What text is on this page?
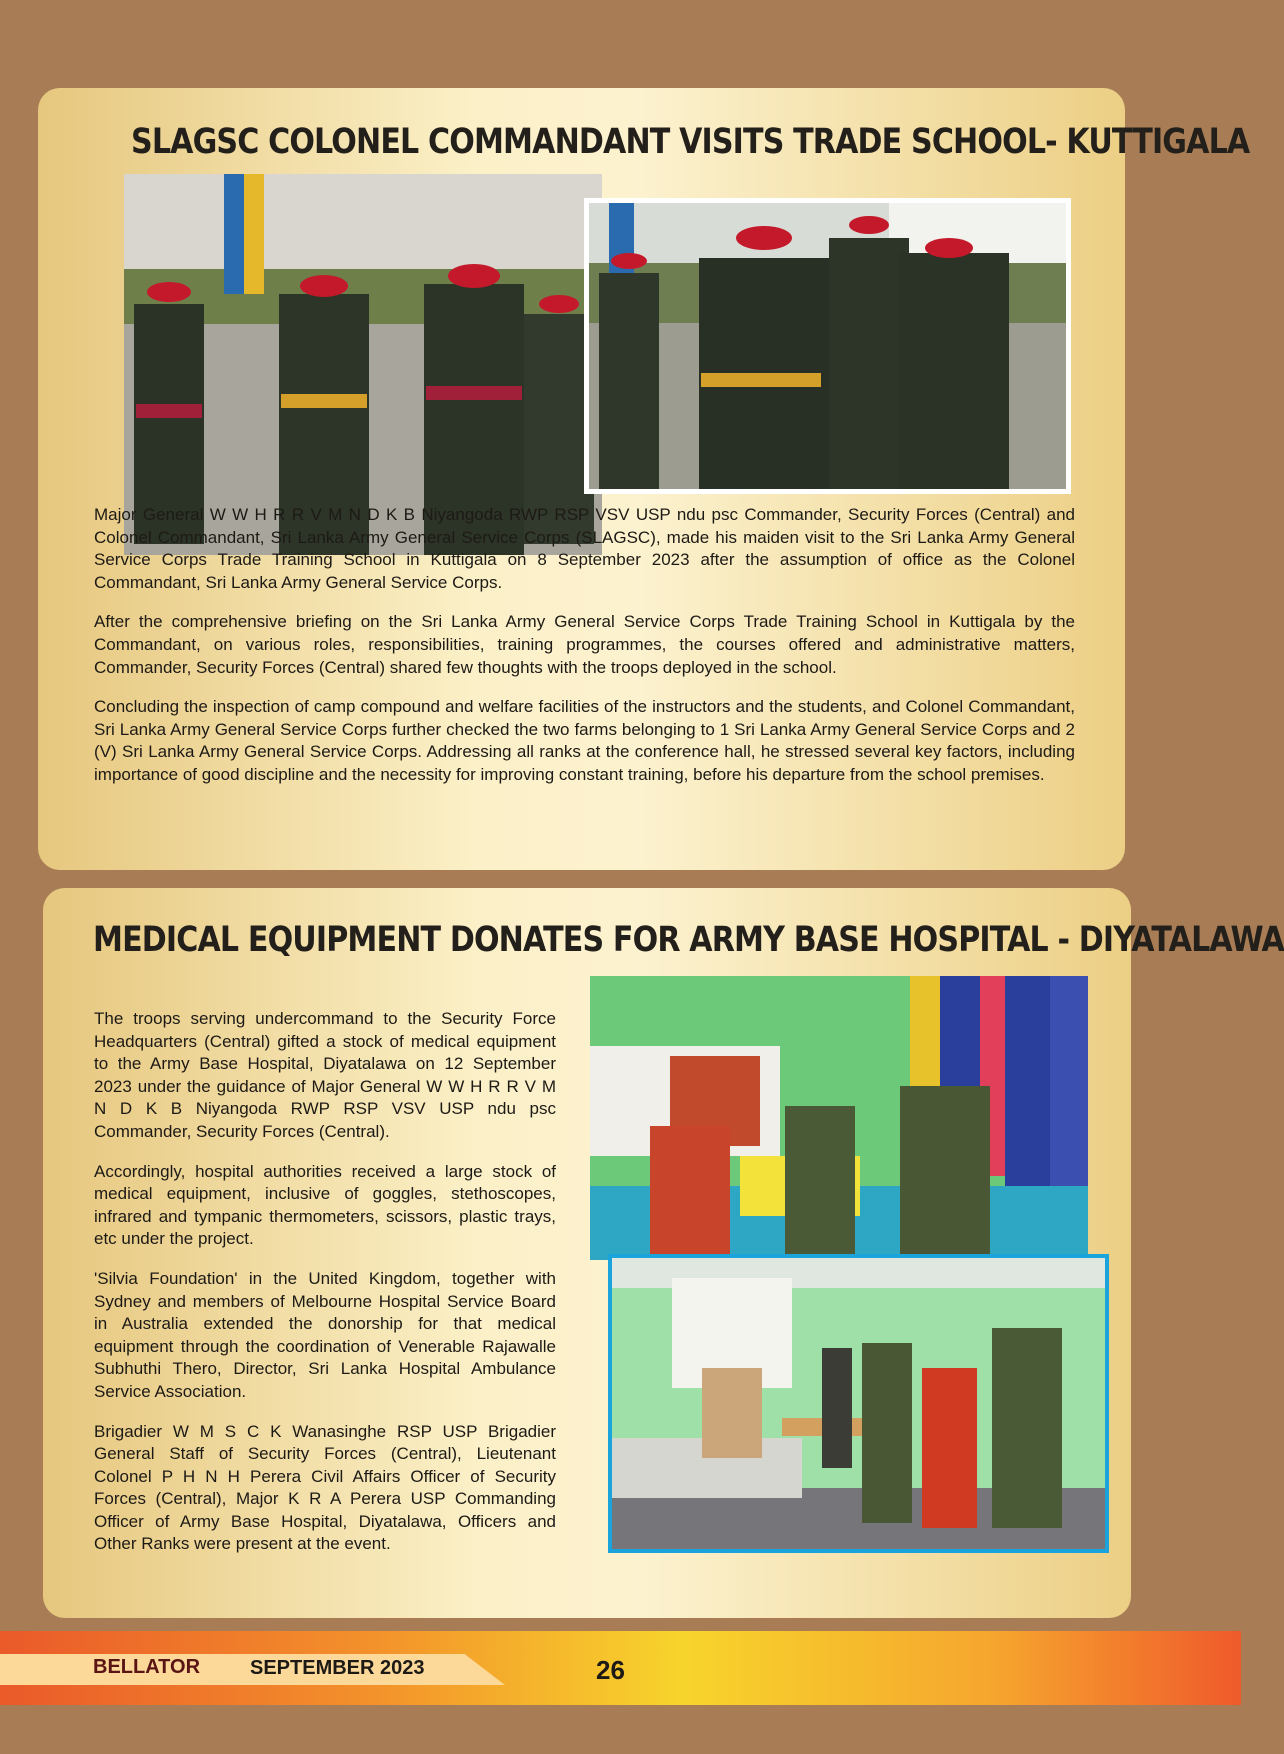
SLAGSC COLONEL COMMANDANT VISITS TRADE SCHOOL- KUTTIGALA

Major General W W H R R V M N D K B Niyangoda RWP RSP VSV USP ndu psc Commander, Security Forces (Central) and Colonel Commandant, Sri Lanka Army General Service Corps (SLAGSC), made his maiden visit to the Sri Lanka Army General Service Corps Trade Training School in Kuttigala on 8 September 2023 after the assumption of office as the Colonel Commandant, Sri Lanka Army General Service Corps.

After the comprehensive briefing on the Sri Lanka Army General Service Corps Trade Training School in Kuttigala by the Commandant, on various roles, responsibilities, training programmes, the courses offered and administrative matters, Commander, Security Forces (Central) shared few thoughts with the troops deployed in the school.

Concluding the inspection of camp compound and welfare facilities of the instructors and the students, and Colonel Commandant, Sri Lanka Army General Service Corps further checked the two farms belonging to 1 Sri Lanka Army General Service Corps and 2 (V) Sri Lanka Army General Service Corps. Addressing all ranks at the conference hall, he stressed several key factors, including importance of good discipline and the necessity for improving constant training, before his departure from the school premises.

MEDICAL EQUIPMENT DONATES FOR ARMY BASE HOSPITAL - DIYATALAWA

The troops serving undercommand to the Security Force Headquarters (Central) gifted a stock of medical equipment to the Army Base Hospital, Diyatalawa on 12 September 2023 under the guidance of Major General W W H R R V M N D K B Niyangoda RWP RSP VSV USP ndu psc Commander, Security Forces (Central).

Accordingly, hospital authorities received a large stock of medical equipment, inclusive of goggles, stethoscopes, infrared and tympanic thermometers, scissors, plastic trays, etc under the project.

'Silvia Foundation' in the United Kingdom, together with Sydney and members of Melbourne Hospital Service Board in Australia extended the donorship for that medical equipment through the coordination of Venerable Rajawalle Subhuthi Thero, Director, Sri Lanka Hospital Ambulance Service Association.

Brigadier W M S C K Wanasinghe RSP USP Brigadier General Staff of Security Forces (Central), Lieutenant Colonel P H N H Perera Civil Affairs Officer of Security Forces (Central), Major K R A Perera USP Commanding Officer of Army Base Hospital, Diyatalawa, Officers and Other Ranks were present at the event.

BELLATOR SEPTEMBER 2023	26
